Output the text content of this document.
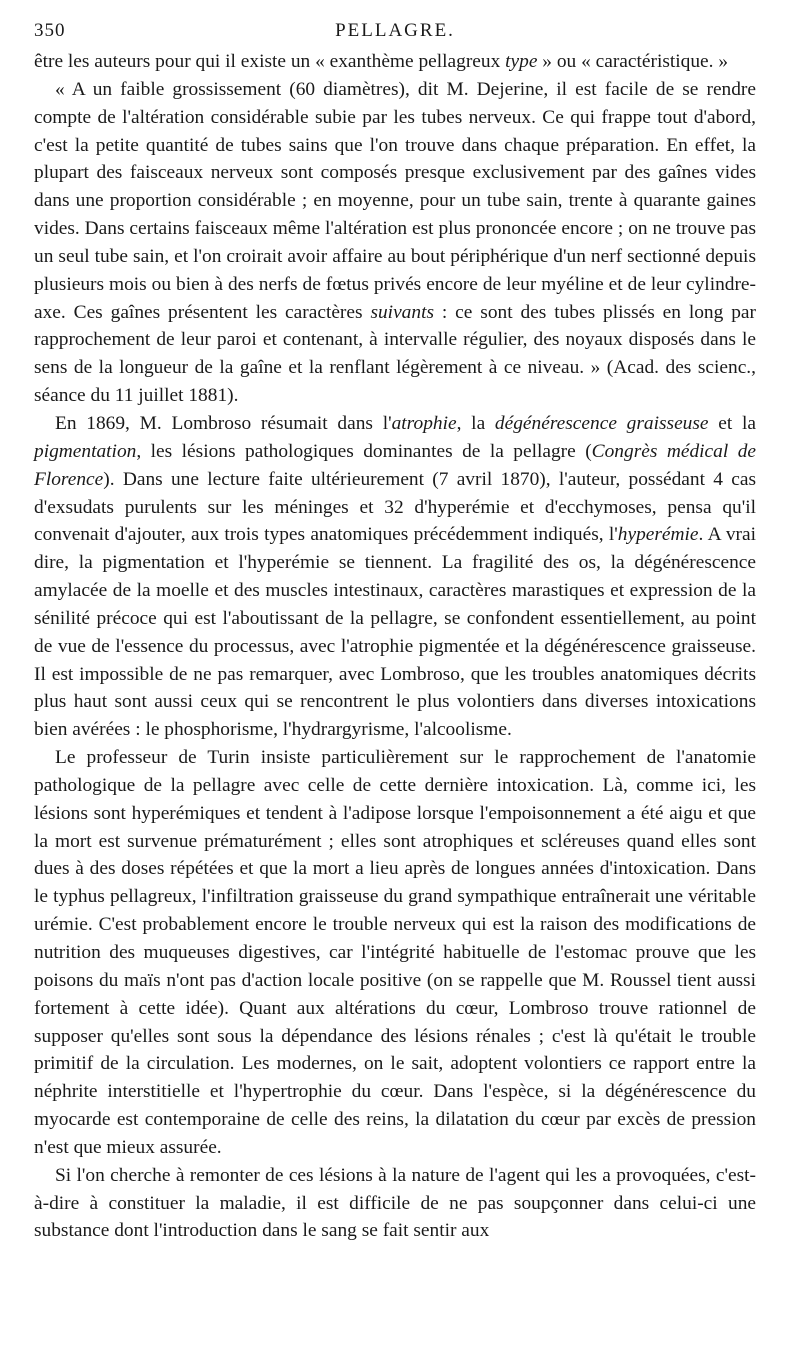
350	PELLAGRE.

être les auteurs pour qui il existe un « exanthème pellagreux type » ou « caractéristique. »

« A un faible grossissement (60 diamètres), dit M. Dejerine, il est facile de se rendre compte de l'altération considérable subie par les tubes nerveux. Ce qui frappe tout d'abord, c'est la petite quantité de tubes sains que l'on trouve dans chaque préparation. En effet, la plupart des faisceaux nerveux sont composés presque exclusivement par des gaînes vides dans une proportion considérable ; en moyenne, pour un tube sain, trente à quarante gaines vides. Dans certains faisceaux même l'altération est plus prononcée encore ; on ne trouve pas un seul tube sain, et l'on croirait avoir affaire au bout périphérique d'un nerf sectionné depuis plusieurs mois ou bien à des nerfs de fœtus privés encore de leur myéline et de leur cylindre-axe. Ces gaînes présentent les caractères suivants : ce sont des tubes plissés en long par rapprochement de leur paroi et contenant, à intervalle régulier, des noyaux disposés dans le sens de la longueur de la gaîne et la renflant légèrement à ce niveau. » (Acad. des scienc., séance du 11 juillet 1881).

En 1869, M. Lombroso résumait dans l'atrophie, la dégénérescence graisseuse et la pigmentation, les lésions pathologiques dominantes de la pellagre (Congrès médical de Florence). Dans une lecture faite ultérieurement (7 avril 1870), l'auteur, possédant 4 cas d'exsudats purulents sur les méninges et 32 d'hyperémie et d'ecchymoses, pensa qu'il convenait d'ajouter, aux trois types anatomiques précédemment indiqués, l'hyperémie. A vrai dire, la pigmentation et l'hyperémie se tiennent. La fragilité des os, la dégénérescence amylacée de la moelle et des muscles intestinaux, caractères marastiques et expression de la sénilité précoce qui est l'aboutissant de la pellagre, se confondent essentiellement, au point de vue de l'essence du processus, avec l'atrophie pigmentée et la dégénérescence graisseuse. Il est impossible de ne pas remarquer, avec Lombroso, que les troubles anatomiques décrits plus haut sont aussi ceux qui se rencontrent le plus volontiers dans diverses intoxications bien avérées : le phosphorisme, l'hydrargyrisme, l'alcoolisme.

Le professeur de Turin insiste particulièrement sur le rapprochement de l'anatomie pathologique de la pellagre avec celle de cette dernière intoxication. Là, comme ici, les lésions sont hyperémiques et tendent à l'adipose lorsque l'empoisonnement a été aigu et que la mort est survenue prématurément ; elles sont atrophiques et scléreuses quand elles sont dues à des doses répétées et que la mort a lieu après de longues années d'intoxication. Dans le typhus pellagreux, l'infiltration graisseuse du grand sympathique entraînerait une véritable urémie. C'est probablement encore le trouble nerveux qui est la raison des modifications de nutrition des muqueuses digestives, car l'intégrité habituelle de l'estomac prouve que les poisons du maïs n'ont pas d'action locale positive (on se rappelle que M. Roussel tient aussi fortement à cette idée). Quant aux altérations du cœur, Lombroso trouve rationnel de supposer qu'elles sont sous la dépendance des lésions rénales ; c'est là qu'était le trouble primitif de la circulation. Les modernes, on le sait, adoptent volontiers ce rapport entre la néphrite interstitielle et l'hypertrophie du cœur. Dans l'espèce, si la dégénérescence du myocarde est contemporaine de celle des reins, la dilatation du cœur par excès de pression n'est que mieux assurée.

Si l'on cherche à remonter de ces lésions à la nature de l'agent qui les a provoquées, c'est-à-dire à constituer la maladie, il est difficile de ne pas soupçonner dans celui-ci une substance dont l'introduction dans le sang se fait sentir aux
